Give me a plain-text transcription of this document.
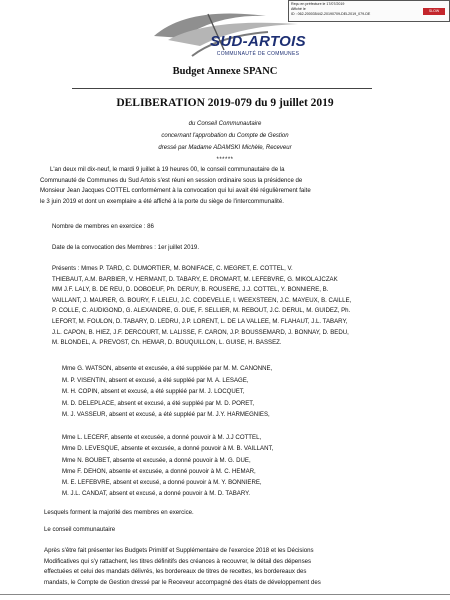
Reçu en préfecture le 17/07/2019
Affiché le
ID : 062-200035442-20190709-DEL2019_079-DE
SLOW
SUD-ARTOIS
COMMUNAUTÉ DE COMMUNES
Budget Annexe SPANC
DELIBERATION 2019-079 du 9 juillet 2019
du Conseil Communautaire
concernant l'approbation du Compte de Gestion
dressé par Madame ADAMSKI Michèle, Receveur
******
L'an deux mil dix-neuf, le mardi 9 juillet à 19 heures 00, le conseil communautaire de la
Communauté de Communes du Sud Artois s'est réuni en session ordinaire sous la présidence de
Monsieur Jean Jacques COTTEL conformément à la convocation qui lui avait été régulièrement faite
le 3 juin 2019 et dont un exemplaire a été affiché à la porte du siège de l'intercommunalité.
Nombre de membres en exercice : 86
Date de la convocation des Membres : 1er juillet 2019.
Présents : Mmes P. TARD, C. DUMORTIER, M. BONIFACE, C. MEGRET, E. COTTEL, V.
THIEBAUT, A.M. BARBIER, V. HERMANT, D. TABARY, E. DROMART, M. LEFEBVRE, G. MIKOLAJCZAK
MM J.F. LALY, B. DE REU, D. DOBOEUF, Ph. DERUY, B. ROUSERE, J.J. COTTEL, Y. BONNIERE, B.
VAILLANT, J. MAURER, G. BOURY, F. LELEU, J.C. CODEVELLE, I. WEEXSTEEN, J.C. MAYEUX, B. CAILLE,
P. COLLE, C. AUDIGOND, G. ALEXANDRE, G. DUE, F. SELLIER, M. REBOUT, J.C. DERUL, M. GUIDEZ, Ph.
LEFORT, M. FOULON, D. TABARY, D. LEDRU, J.P. LORENT, L. DE LA VALLEE, M. FLAHAUT, J.L. TABARY,
J.L. CAPON, B. HIEZ, J.F. DERCOURT, M. LALISSE, F. CARON, J.P. BOUSSEMARD, J. BONNAY, D. BEDU,
M. BLONDEL, A. PREVOST, Ch. HEMAR, D. BOUQUILLON, L. GUISE, H. BASSEZ.
Mme G. WATSON, absente et excusée, a été suppléée par M. M. CANONNE,
M. P. VISENTIN, absent et excusé, a été suppléé par M. A. LESAGE,
M. H. COPIN, absent et excusé, a été suppléé par M. J. LOCQUET,
M. D. DELEPLACE, absent et excusé, a été suppléé par M. D. PORET,
M. J. VASSEUR, absent et excusé, a été suppléé par M. J.Y. HARMEGNIES,
Mme L. LECERF, absente et excusée, a donné pouvoir à M. J.J COTTEL,
Mme D. LEVESQUE, absente et excusée, a donné pouvoir à M. B. VAILLANT,
Mme N. BOUBET, absente et excusée, a donné pouvoir à M. G. DUE,
Mme F. DEHON, absente et excusée, a donné pouvoir à M. C. HEMAR,
M. E. LEFEBVRE, absent et excusé, a donné pouvoir à M. Y. BONNIERE,
M. J.L. CANDAT, absent et excusé, a donné pouvoir à M. D. TABARY.
Lesquels forment la majorité des membres en exercice.
Le conseil communautaire
Après s'être fait présenter les Budgets Primitif et Supplémentaire de l'exercice 2018 et les Décisions
Modificatives qui s'y rattachent, les titres définitifs des créances à recouvrer, le détail des dépenses
effectuées et celui des mandats délivrés, les bordereaux de titres de recettes, les bordereaux des
mandats, le Compte de Gestion dressé par le Receveur accompagné des états de développement des
